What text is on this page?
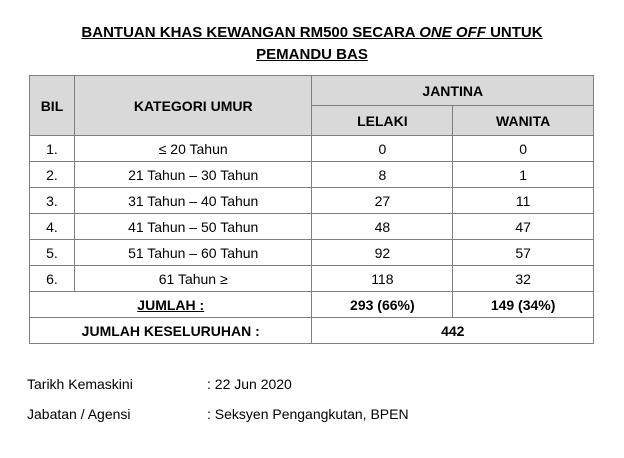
BANTUAN KHAS KEWANGAN RM500 SECARA ONE OFF UNTUK
PEMANDU BAS
BIL	KATEGORI UMUR	JANTINA	
		LELAKI	WANITA
1.	≤ 20 Tahun	0	0
2.	21 Tahun – 30 Tahun	8	1
3.	31 Tahun – 40 Tahun	27	11
4.	41 Tahun – 50 Tahun	48	47
5.	51 Tahun – 60 Tahun	92	57
6.	61 Tahun ≥	118	32
JUMLAH :		293 (66%)	149 (34%)
JUMLAH KESELURUHAN :		442	
Tarikh Kemaskini	: 22 Jun 2020
Jabatan / Agensi	: Seksyen Pengangkutan, BPEN
